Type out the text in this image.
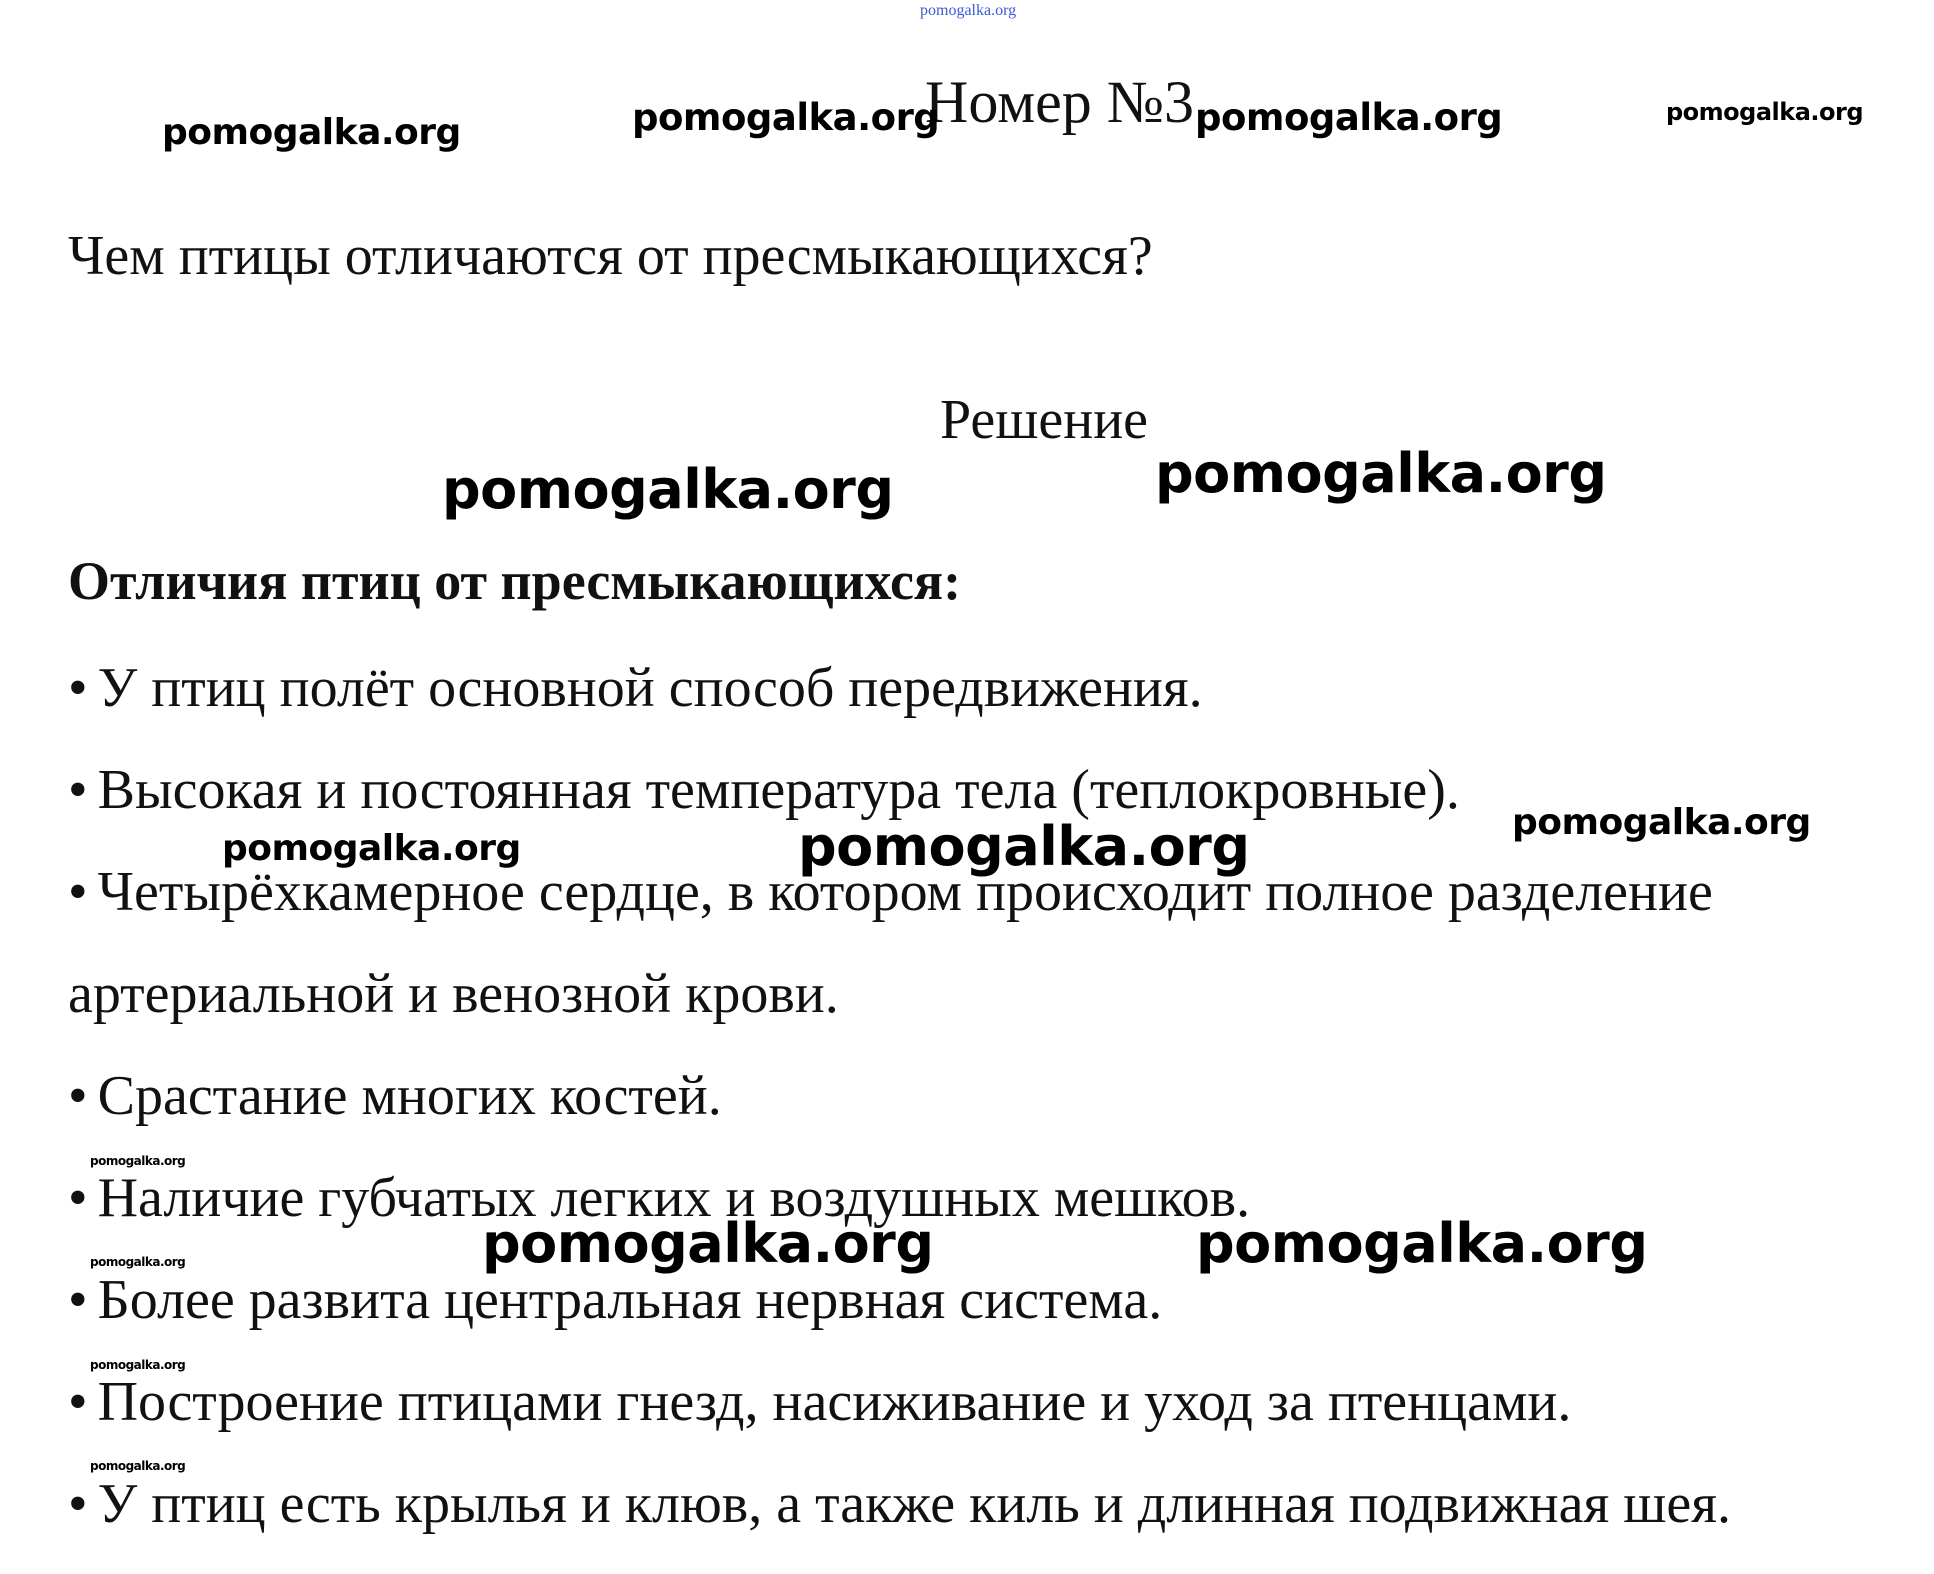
pomogalka.org
Номер №3
pomogalka.org	pomogalka.org	pomogalka.org	pomogalka.org
Чем птицы отличаются от пресмыкающихся?
Решение
pomogalka.org	pomogalka.org
Отличия птиц от пресмыкающихся:
• У птиц полёт основной способ передвижения.
• Высокая и постоянная температура тела (теплокровные).
pomogalka.org	pomogalka.org	pomogalka.org
• Четырёхкамерное сердце, в котором происходит полное разделение
артериальной и венозной крови.
• Срастание многих костей.
pomogalka.org
• Наличие губчатых легких и воздушных мешков.
pomogalka.org	pomogalka.org	pomogalka.org
• Более развита центральная нервная система.
pomogalka.org
• Построение птицами гнезд, насиживание и уход за птенцами.
pomogalka.org
• У птиц есть крылья и клюв, а также киль и длинная подвижная шея.
